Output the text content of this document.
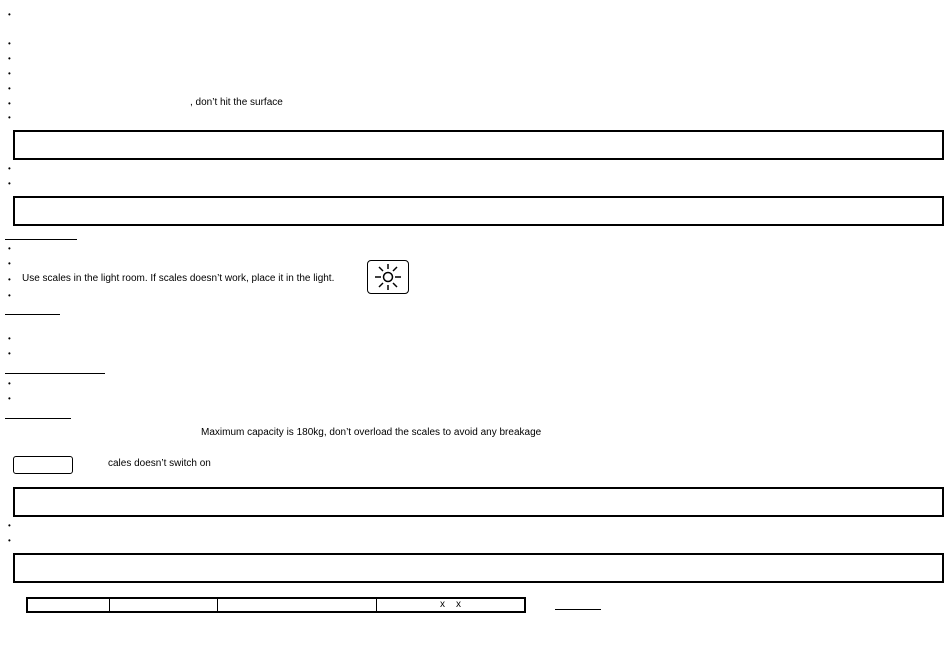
•
•
•
•
•
•
•
, don’t hit the surface
•
•
•
•
• Use scales in the light room. If scales doesn’t work, place it in the light.
•
•
•
•
•
Maximum capacity is 180kg, don’t overload the scales to avoid any breakage
cales doesn’t switch on
•
•
x    x
